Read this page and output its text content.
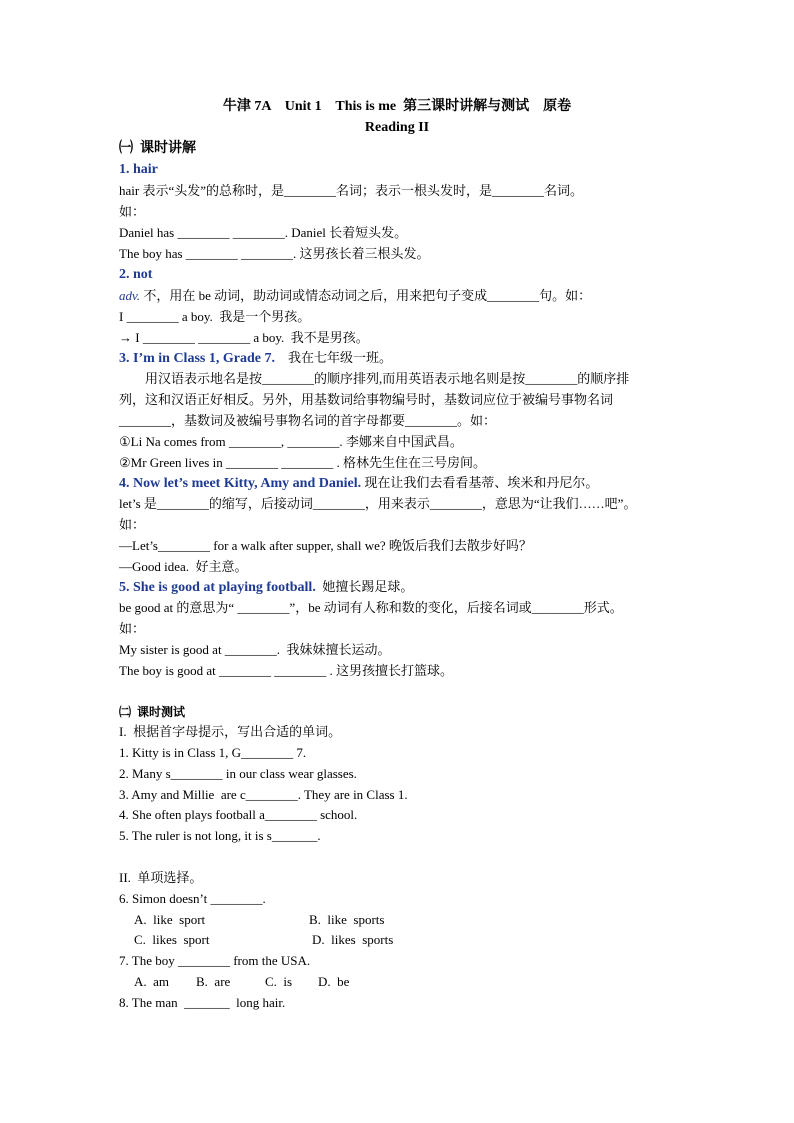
牛津 7A    Unit 1    This is me  第三课时讲解与测试    原卷
Reading II
㈠  课时讲解
1. hair
hair 表示“头发”的总称时，是________名词；表示一根头发时，是________名词。
如：
Daniel has ________ ________. Daniel 长着短头发。
The boy has ________ ________. 这男孩长着三根头发。
2. not
adv. 不，用在 be 动词，助动词或情态动词之后，用来把句子变成________句。如：
I ________ a boy.  我是一个男孩。
→ I ________ ________ a boy.  我不是男孩。
3. I’m in Class 1, Grade 7.    我在七年级一班。
用汉语表示地名是按________的顺序排列,而用英语表示地名则是按________的顺序排
列，这和汉语正好相反。另外，用基数词给事物编号时，基数词应位于被编号事物名词
________，基数词及被编号事物名词的首字母都要________。如：
①Li Na comes from ________, ________. 李娜来自中国武昌。
②Mr Green lives in ________ ________ . 格林先生住在三号房间。
4. Now let’s meet Kitty, Amy and Daniel. 现在让我们去看看基蒂、埃米和丹尼尔。
let’s 是________的缩写，后接动词________，用来表示________，意思为“让我们……吧”。
如：
—Let’s________ for a walk after supper, shall we? 晚饭后我们去散步好吗？
—Good idea.  好主意。
5. She is good at playing football.  她擅长踢足球。
be good at 的意思为“ ________”，be 动词有人称和数的变化，后接名词或________形式。
如：
My sister is good at ________.  我妹妹擅长运动。
The boy is good at ________ ________ . 这男孩擅长打篮球。
㈡  课时测试
I.  根据首字母提示，写出合适的单词。
1. Kitty is in Class 1, G________ 7.
2. Many s________ in our class wear glasses.
3. Amy and Millie  are c________. They are in Class 1.
4. She often plays football a________ school.
5. The ruler is not long, it is s_______.
II.  单项选择。
6. Simon doesn’t ________.
A.  like  sport	B.  like  sports
C.  likes  sport	D.  likes  sports
7. The boy ________ from the USA.
A.  am B.  are	C.  is D.  be
8. The man  _______  long hair.
